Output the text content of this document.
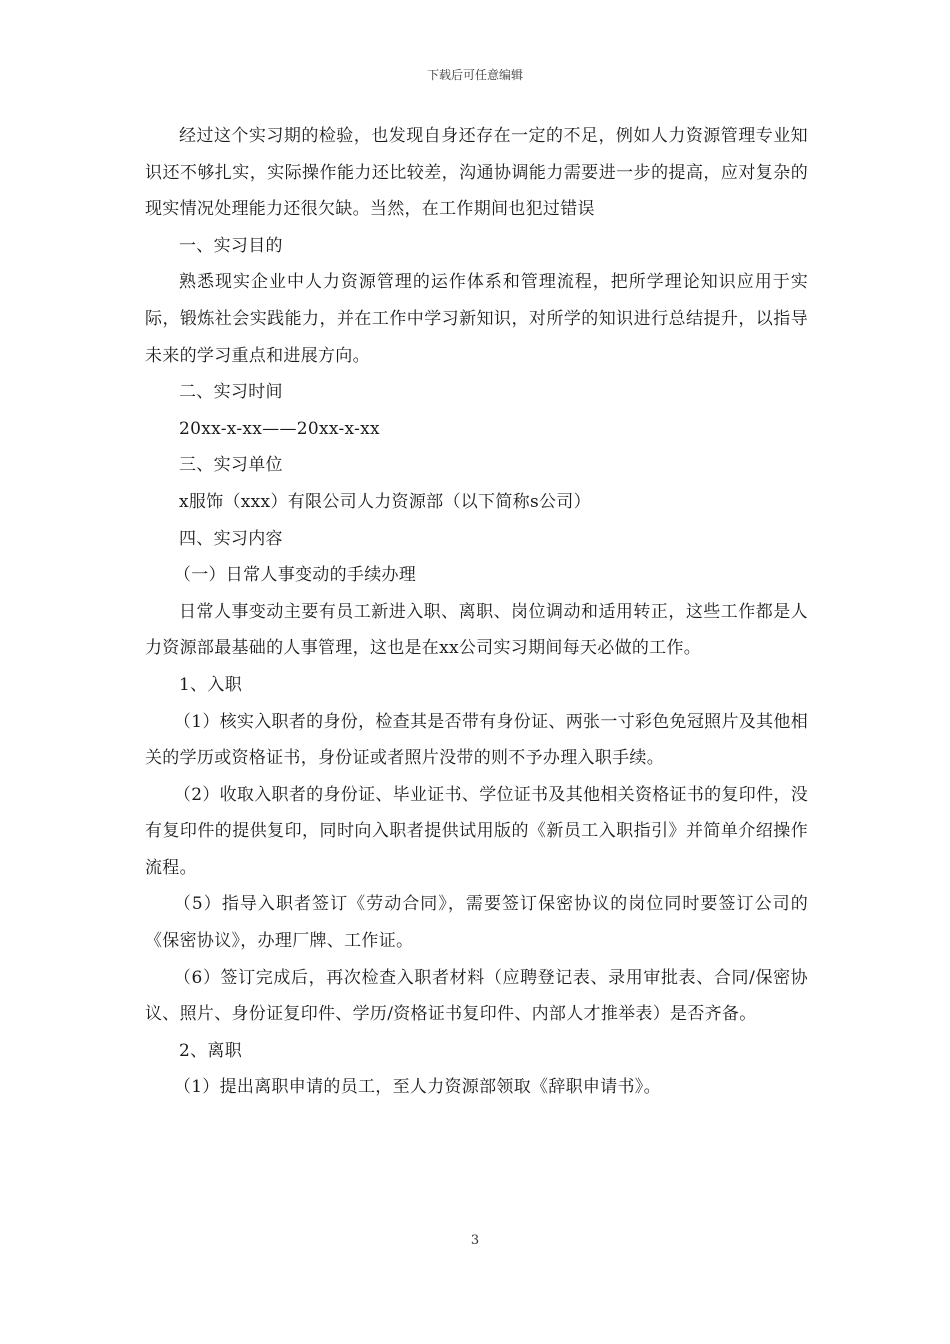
下载后可任意编辑

经过这个实习期的检验，也发现自身还存在一定的不足，例如人力资源管理专业知识还不够扎实，实际操作能力还比较差，沟通协调能力需要进一步的提高，应对复杂的现实情况处理能力还很欠缺。当然，在工作期间也犯过错误

一、实习目的

熟悉现实企业中人力资源管理的运作体系和管理流程，把所学理论知识应用于实际，锻炼社会实践能力，并在工作中学习新知识，对所学的知识进行总结提升，以指导未来的学习重点和进展方向。

二、实习时间

20xx-x-xx——20xx-x-xx

三、实习单位

x服饰（xxx）有限公司人力资源部（以下简称s公司）

四、实习内容

（一）日常人事变动的手续办理

日常人事变动主要有员工新进入职、离职、岗位调动和适用转正，这些工作都是人力资源部最基础的人事管理，这也是在xx公司实习期间每天必做的工作。

1、入职

（1）核实入职者的身份，检查其是否带有身份证、两张一寸彩色免冠照片及其他相关的学历或资格证书，身份证或者照片没带的则不予办理入职手续。

（2）收取入职者的身份证、毕业证书、学位证书及其他相关资格证书的复印件，没有复印件的提供复印，同时向入职者提供试用版的《新员工入职指引》并简单介绍操作流程。

（5）指导入职者签订《劳动合同》，需要签订保密协议的岗位同时要签订公司的《保密协议》，办理厂牌、工作证。

（6）签订完成后，再次检查入职者材料（应聘登记表、录用审批表、合同/保密协议、照片、身份证复印件、学历/资格证书复印件、内部人才推举表）是否齐备。

2、离职

（1）提出离职申请的员工，至人力资源部领取《辞职申请书》。

3
